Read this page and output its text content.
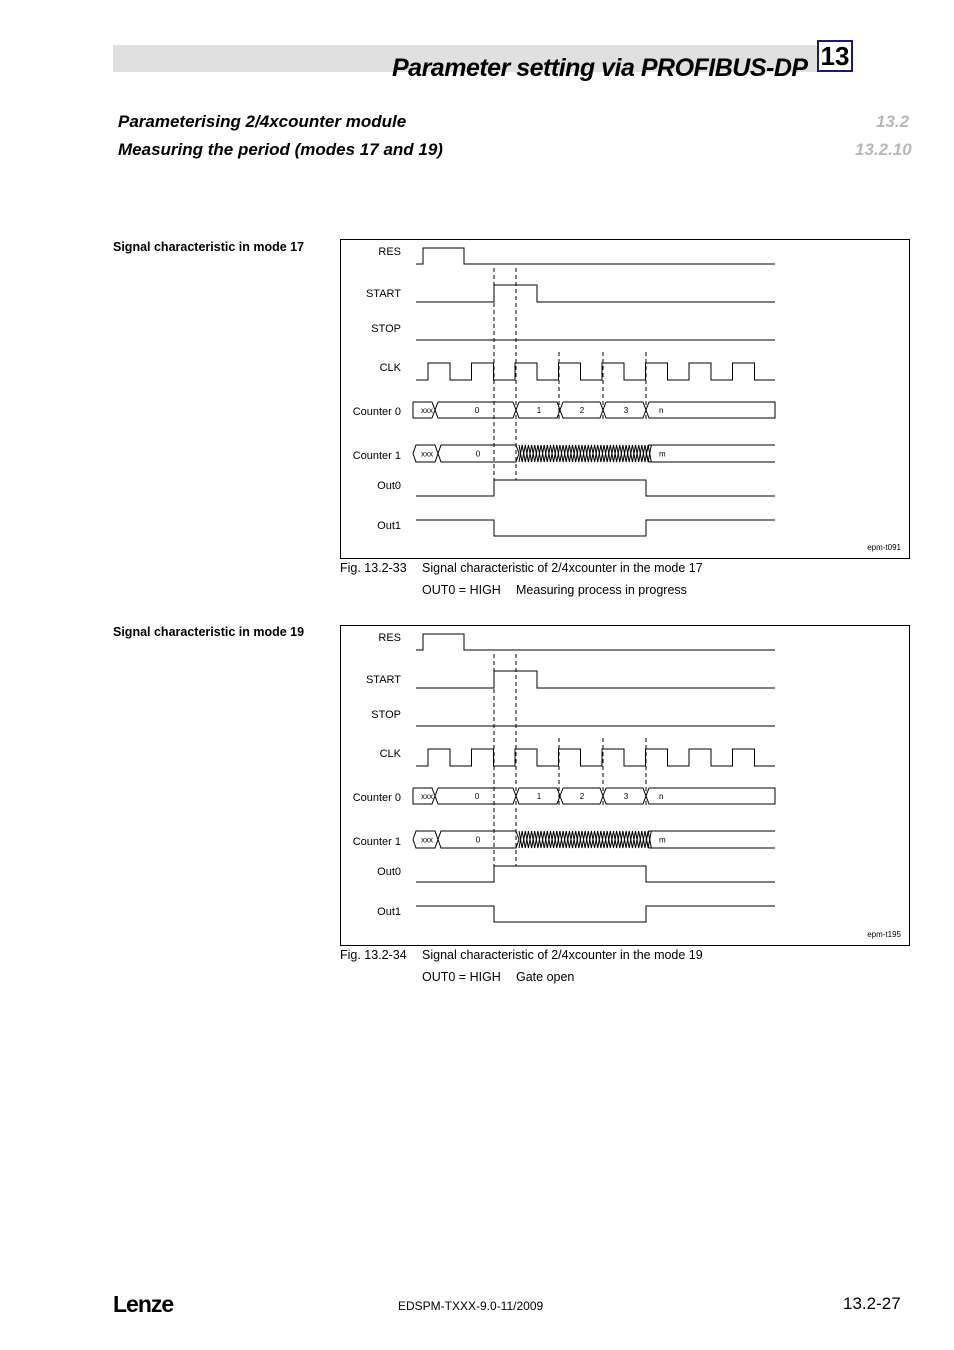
Parameter setting via PROFIBUS-DP 13
Parameterising 2/4xcounter module	13.2
Measuring the period (modes 17 and 19)	13.2.10
Signal characteristic in mode 17	RES
START
STOP
CLK
Counter 0
Counter 1
Out0
Out1
xxx	0	1	2	3	n
xxx	0	m
epm-t091
Fig. 13.2-33 Signal characteristic of 2/4xcounter in the mode 17
OUT0 = HIGH Measuring process in progress
Signal characteristic in mode 19	RES
START
STOP
CLK
Counter 0
Counter 1
Out0
Out1
xxx	0	1	2	3	n
xxx	0	m
epm-t195
Fig. 13.2-34 Signal characteristic of 2/4xcounter in the mode 19
OUT0 = HIGH Gate open
Lenze	EDSPM-TXXX-9.0-11/2009	13.2-27
